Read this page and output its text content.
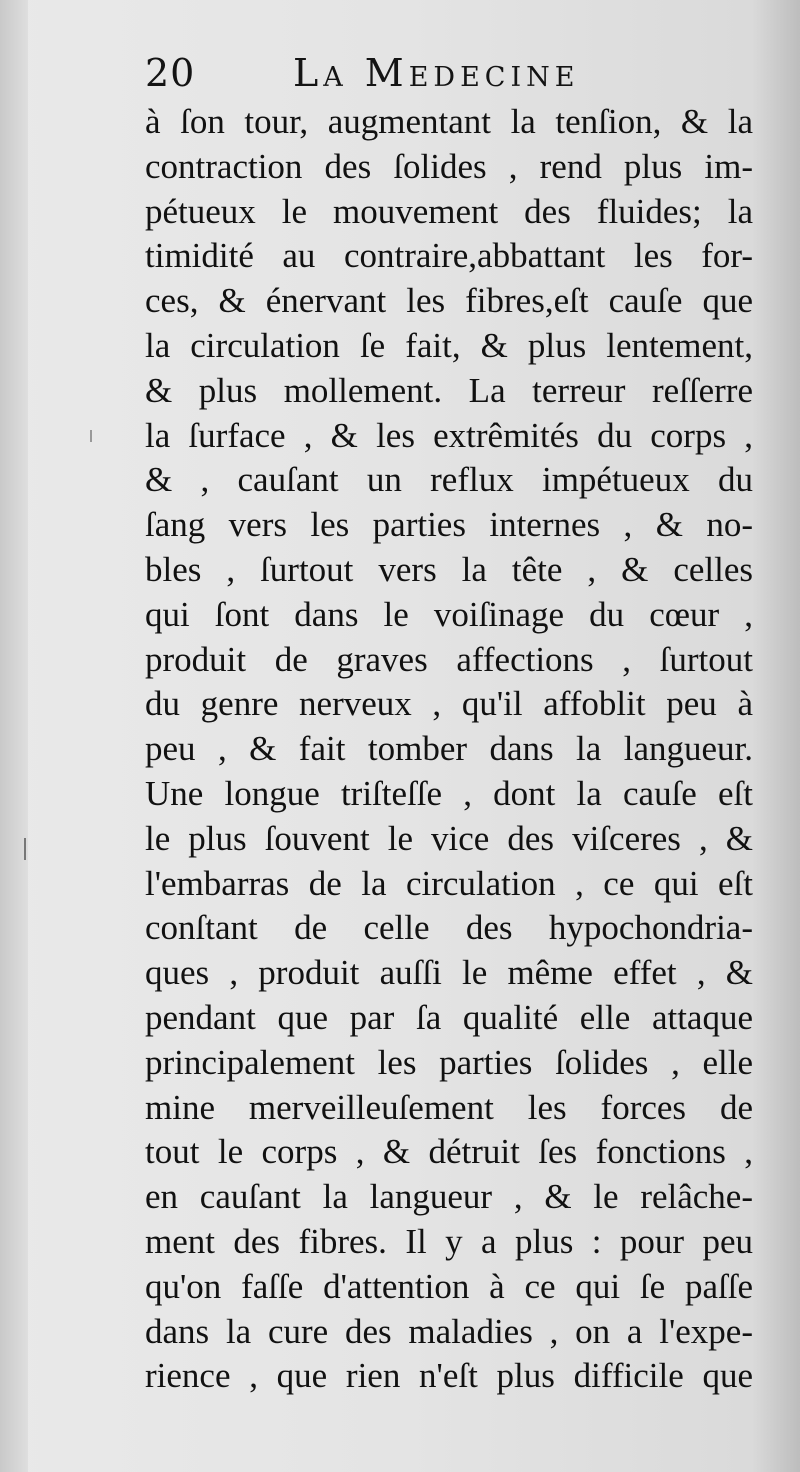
20	La Medecine
à ſon tour, augmentant la tenſion, & la
contraction des ſolides , rend plus im-
pétueux le mouvement des fluides; la
timidité au contraire,abbattant les for-
ces, & énervant les fibres,eſt cauſe que
la circulation ſe fait, & plus lentement,
& plus mollement. La terreur reſſerre
la ſurface , & les extrêmités du corps ,
& , cauſant un reflux impétueux du
ſang vers les parties internes , & no-
bles , ſurtout vers la tête , & celles
qui ſont dans le voiſinage du cœur ,
produit de graves affections , ſurtout
du genre nerveux , qu'il affoblit peu à
peu , & fait tomber dans la langueur.
Une longue triſteſſe , dont la cauſe eſt
le plus ſouvent le vice des viſceres , &
l'embarras de la circulation , ce qui eſt
conſtant de celle des hypochondria-
ques , produit auſſi le même effet , &
pendant que par ſa qualité elle attaque
principalement les parties ſolides , elle
mine merveilleuſement les forces de
tout le corps , & détruit ſes fonctions ,
en cauſant la langueur , & le relâche-
ment des fibres. Il y a plus : pour peu
qu'on faſſe d'attention à ce qui ſe paſſe
dans la cure des maladies , on a l'expe-
rience , que rien n'eſt plus difficile que
